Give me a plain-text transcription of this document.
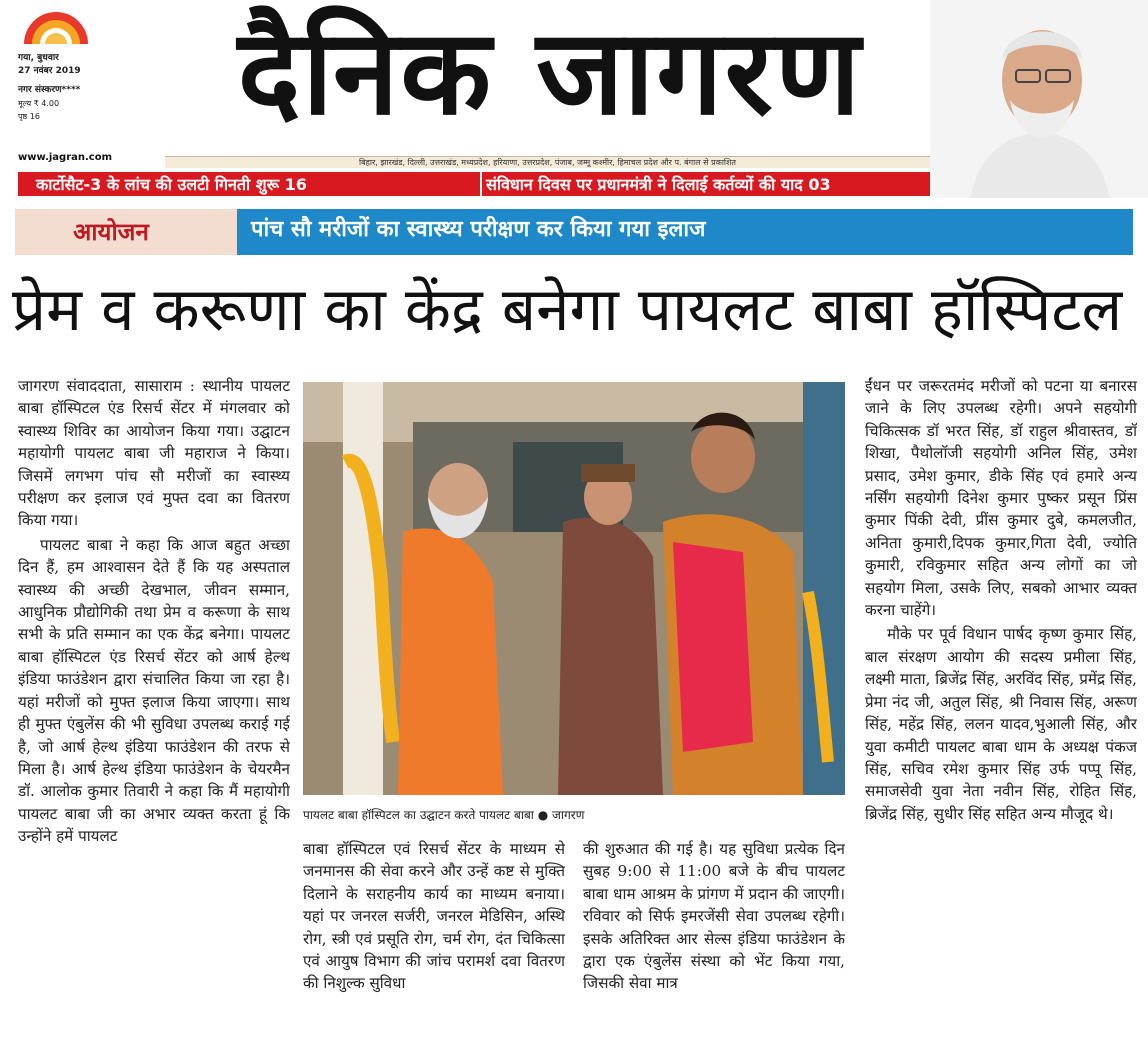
गया, बुधवार
27 नवंबर 2019
नगर संस्करण****
मूल्य ₹ 4.00
पृष्ठ 16
www.jagran.com
दैनिक जागरण
बिहार, झारखंड, दिल्ली, उत्तराखंड, मध्यप्रदेश, हरियाणा, उत्तरप्रदेश, पंजाब, जम्मू कश्मीर, हिमाचल प्रदेश और प. बंगाल से प्रकाशित
कार्टोसैट-3 के लांच की उलटी गिनती शुरू 16	संविधान दिवस पर प्रधानमंत्री ने दिलाई कर्तव्यों की याद 03
आयोजन	पांच सौ मरीजों का स्वास्थ्य परीक्षण कर किया गया इलाज
प्रेम व करूणा का केंद्र बनेगा पायलट बाबा हॉस्पिटल

जागरण संवाददाता, सासाराम : स्थानीय पायलट बाबा हॉस्पिटल एंड रिसर्च सेंटर में मंगलवार को स्वास्थ्य शिविर का आयोजन किया गया। उद्घाटन महायोगी पायलट बाबा जी महाराज ने किया। जिसमें लगभग पांच सौ मरीजों का स्वास्थ्य परीक्षण कर इलाज एवं मुफ्त दवा का वितरण किया गया।

पायलट बाबा ने कहा कि आज बहुत अच्छा दिन हैं, हम आश्वासन देते हैं कि यह अस्पताल स्वास्थ्य की अच्छी देखभाल, जीवन सम्मान, आधुनिक प्रौद्योगिकी तथा प्रेम व करूणा के साथ सभी के प्रति सम्मान का एक केंद्र बनेगा। पायलट बाबा हॉस्पिटल एंड रिसर्च सेंटर को आर्ष हेल्थ इंडिया फाउंडेशन द्वारा संचालित किया जा रहा है। यहां मरीजों को मुफ्त इलाज किया जाएगा। साथ ही मुफ्त एंबुलेंस की भी सुविधा उपलब्ध कराई गई है, जो आर्ष हेल्थ इंडिया फाउंडेशन की तरफ से मिला है। आर्ष हेल्थ इंडिया फाउंडेशन के चेयरमैन डॉ. आलोक कुमार तिवारी ने कहा कि मैं महायोगी पायलट बाबा जी का अभार व्यक्त करता हूं कि उन्होंने हमें पायलट

पायलट बाबा हॉस्पिटल का उद्घाटन करते पायलट बाबा ● जागरण

बाबा हॉस्पिटल एवं रिसर्च सेंटर के माध्यम से जनमानस की सेवा करने और उन्हें कष्ट से मुक्ति दिलाने के सराहनीय कार्य का माध्यम बनाया। यहां पर जनरल सर्जरी, जनरल मेडिसिन, अस्थि रोग, स्त्री एवं प्रसूति रोग, चर्म रोग, दंत चिकित्सा एवं आयुष विभाग की जांच परामर्श दवा वितरण की निशुल्क सुविधा

की शुरुआत की गई है। यह सुविधा प्रत्येक दिन सुबह 9:00 से 11:00 बजे के बीच पायलट बाबा धाम आश्रम के प्रांगण में प्रदान की जाएगी। रविवार को सिर्फ इमरजेंसी सेवा उपलब्ध रहेगी। इसके अतिरिक्त आर सेल्स इंडिया फाउंडेशन के द्वारा एक एंबुलेंस संस्था को भेंट किया गया, जिसकी सेवा मात्र

ईंधन पर जरूरतमंद मरीजों को पटना या बनारस जाने के लिए उपलब्ध रहेगी। अपने सहयोगी चिकित्सक डॉ भरत सिंह, डॉ राहुल श्रीवास्तव, डॉ शिखा, पैथोलॉजी सहयोगी अनिल सिंह, उमेश प्रसाद, उमेश कुमार, डीके सिंह एवं हमारे अन्य नर्सिंग सहयोगी दिनेश कुमार पुष्कर प्रसून प्रिंस कुमार पिंकी देवी, प्रींस कुमार दुबे, कमलजीत, अनिता कुमारी,दिपक कुमार,गिता देवी, ज्योति कुमारी, रविकुमार सहित अन्य लोगों का जो सहयोग मिला, उसके लिए, सबको आभार व्यक्त करना चाहेंगे।

मौके पर पूर्व विधान पार्षद कृष्ण कुमार सिंह, बाल संरक्षण आयोग की सदस्य प्रमीला सिंह, लक्ष्मी माता, ब्रिजेंद्र सिंह, अरविंद सिंह, प्रमेंद्र सिंह, प्रेमा नंद जी, अतुल सिंह, श्री निवास सिंह, अरूण सिंह, महेंद्र सिंह, ललन यादव,भुआली सिंह, और युवा कमीटी पायलट बाबा धाम के अध्यक्ष पंकज सिंह, सचिव रमेश कुमार सिंह उर्फ पप्पू सिंह, समाजसेवी युवा नेता नवीन सिंह, रोहित सिंह, ब्रिजेंद्र सिंह, सुधीर सिंह सहित अन्य मौजूद थे।
